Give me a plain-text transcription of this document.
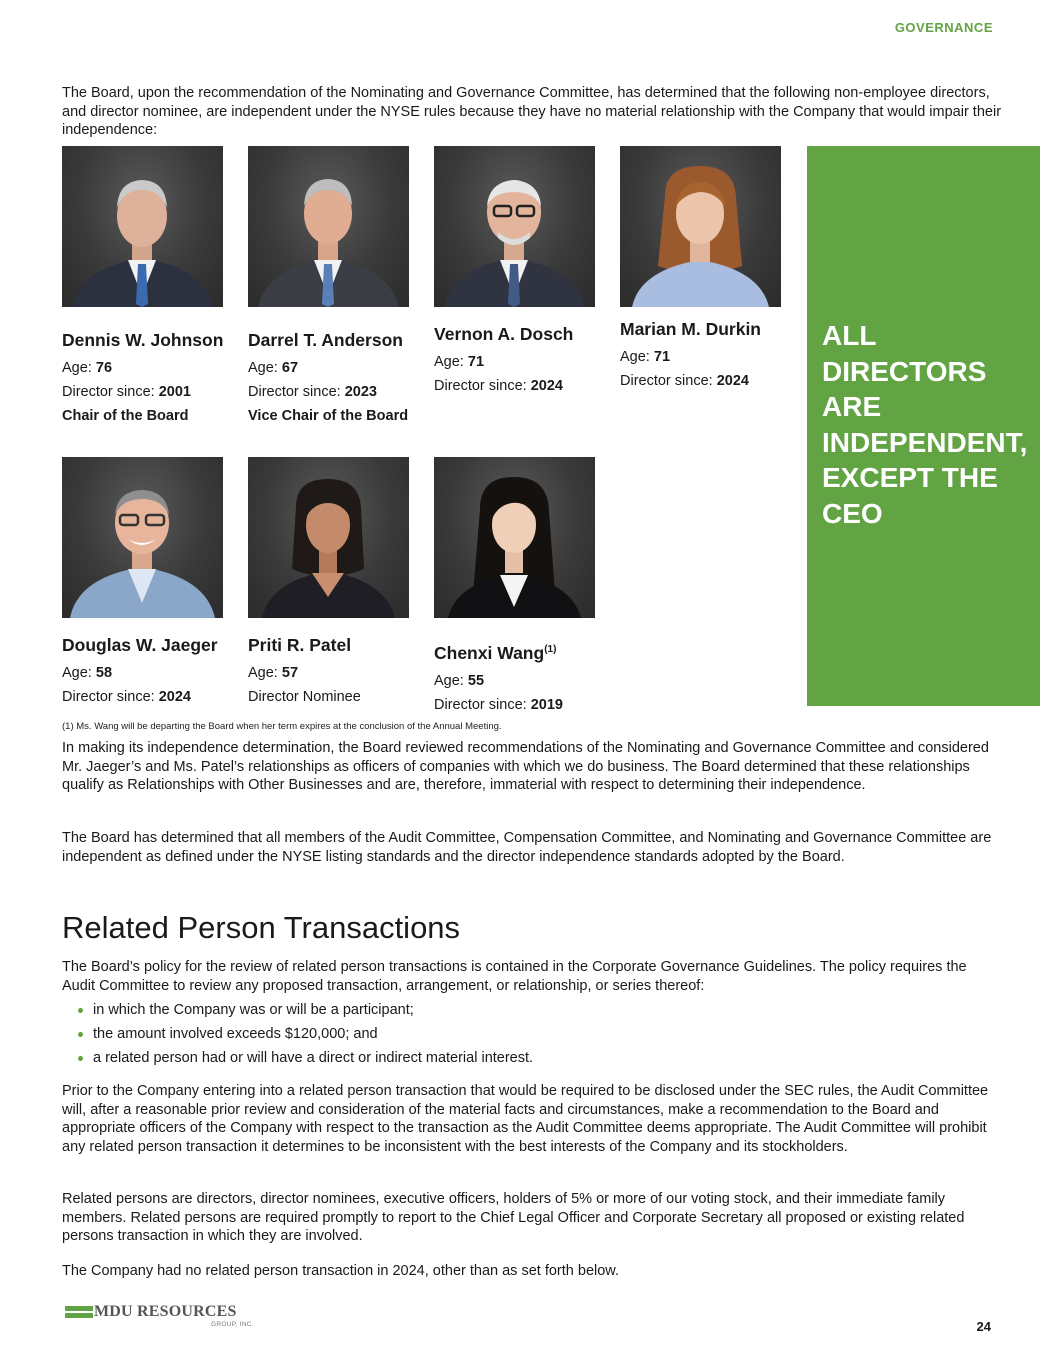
GOVERNANCE

The Board, upon the recommendation of the Nominating and Governance Committee, has determined that the following non-employee directors, and director nominee, are independent under the NYSE rules because they have no material relationship with the Company that would impair their independence:

Dennis W. Johnson
Age: 76
Director since: 2001
Chair of the Board
Darrel T. Anderson
Age: 67
Director since: 2023
Vice Chair of the Board
Vernon A. Dosch
Age: 71
Director since: 2024
Marian M. Durkin
Age: 71
Director since: 2024
Douglas W. Jaeger
Age: 58
Director since: 2024
Priti R. Patel
Age: 57
Director Nominee
Chenxi Wang$^{(1)}$
Age: 55
Director since: 2019
ALL DIRECTORS ARE INDEPENDENT, EXCEPT THE CEO
(1) Ms. Wang will be departing the Board when her term expires at the conclusion of the Annual Meeting.

In making its independence determination, the Board reviewed recommendations of the Nominating and Governance Committee and considered Mr. Jaeger’s and Ms. Patel’s relationships as officers of companies with which we do business. The Board determined that these relationships qualify as Relationships with Other Businesses and are, therefore, immaterial with respect to determining their independence.

The Board has determined that all members of the Audit Committee, Compensation Committee, and Nominating and Governance Committee are independent as defined under the NYSE listing standards and the director independence standards adopted by the Board.

Related Person Transactions

The Board’s policy for the review of related person transactions is contained in the Corporate Governance Guidelines. The policy requires the Audit Committee to review any proposed transaction, arrangement, or relationship, or series thereof:

in which the Company was or will be a participant;
the amount involved exceeds $120,000; and
a related person had or will have a direct or indirect material interest.

Prior to the Company entering into a related person transaction that would be required to be disclosed under the SEC rules, the Audit Committee will, after a reasonable prior review and consideration of the material facts and circumstances, make a recommendation to the Board and appropriate officers of the Company with respect to the transaction as the Audit Committee deems appropriate. The Audit Committee will prohibit any related person transaction it determines to be inconsistent with the best interests of the Company and its stockholders.

Related persons are directors, director nominees, executive officers, holders of 5% or more of our voting stock, and their immediate family members. Related persons are required promptly to report to the Chief Legal Officer and Corporate Secretary all proposed or existing related persons transaction in which they are involved.

The Company had no related person transaction in 2024, other than as set forth below.

MDU RESOURCES
GROUP, INC.	24
